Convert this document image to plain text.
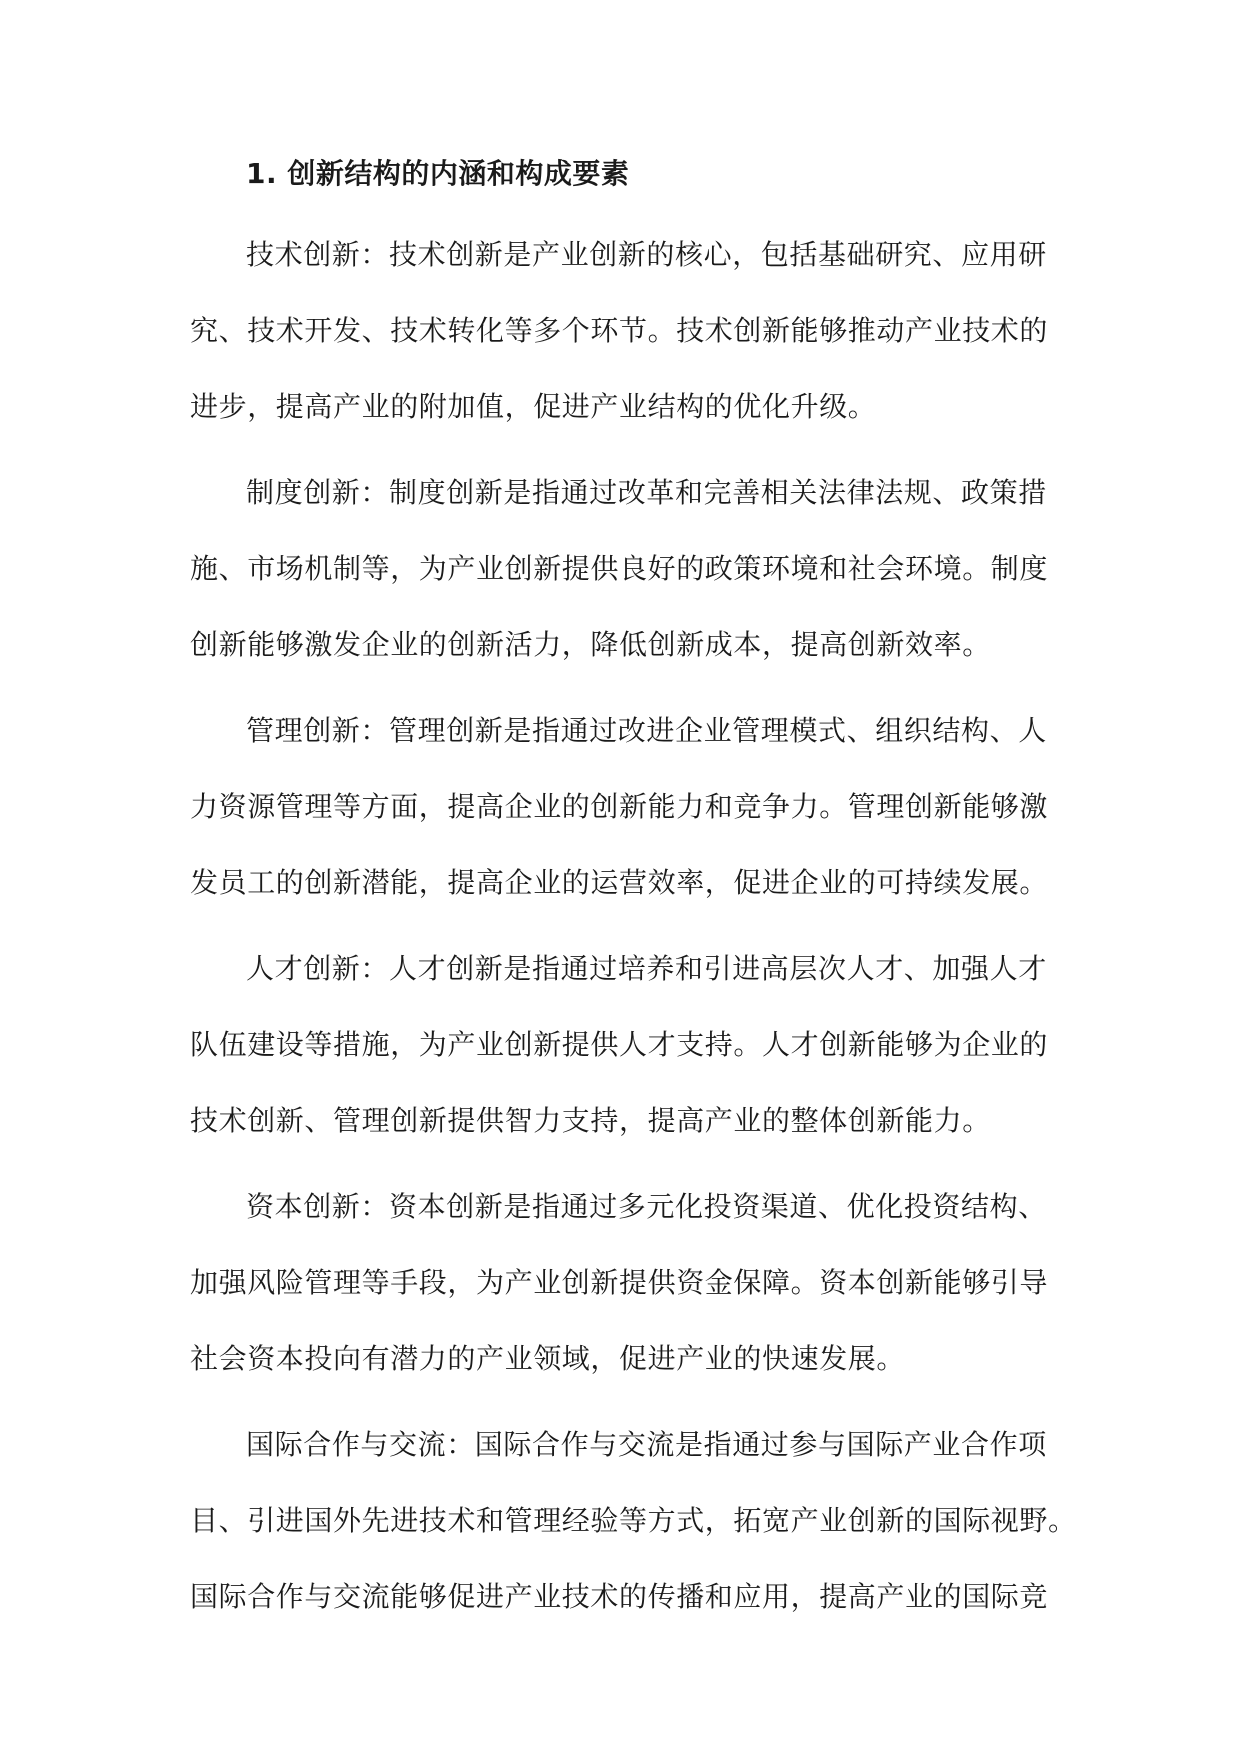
1. 创新结构的内涵和构成要素
技术创新：技术创新是产业创新的核心，包括基础研究、应用研
究、技术开发、技术转化等多个环节。技术创新能够推动产业技术的
进步，提高产业的附加值，促进产业结构的优化升级。
制度创新：制度创新是指通过改革和完善相关法律法规、政策措
施、市场机制等，为产业创新提供良好的政策环境和社会环境。制度
创新能够激发企业的创新活力，降低创新成本，提高创新效率。
管理创新：管理创新是指通过改进企业管理模式、组织结构、人
力资源管理等方面，提高企业的创新能力和竞争力。管理创新能够激
发员工的创新潜能，提高企业的运营效率，促进企业的可持续发展。
人才创新：人才创新是指通过培养和引进高层次人才、加强人才
队伍建设等措施，为产业创新提供人才支持。人才创新能够为企业的
技术创新、管理创新提供智力支持，提高产业的整体创新能力。
资本创新：资本创新是指通过多元化投资渠道、优化投资结构、
加强风险管理等手段，为产业创新提供资金保障。资本创新能够引导
社会资本投向有潜力的产业领域，促进产业的快速发展。
国际合作与交流：国际合作与交流是指通过参与国际产业合作项
目、引进国外先进技术和管理经验等方式，拓宽产业创新的国际视野。
国际合作与交流能够促进产业技术的传播和应用，提高产业的国际竞
